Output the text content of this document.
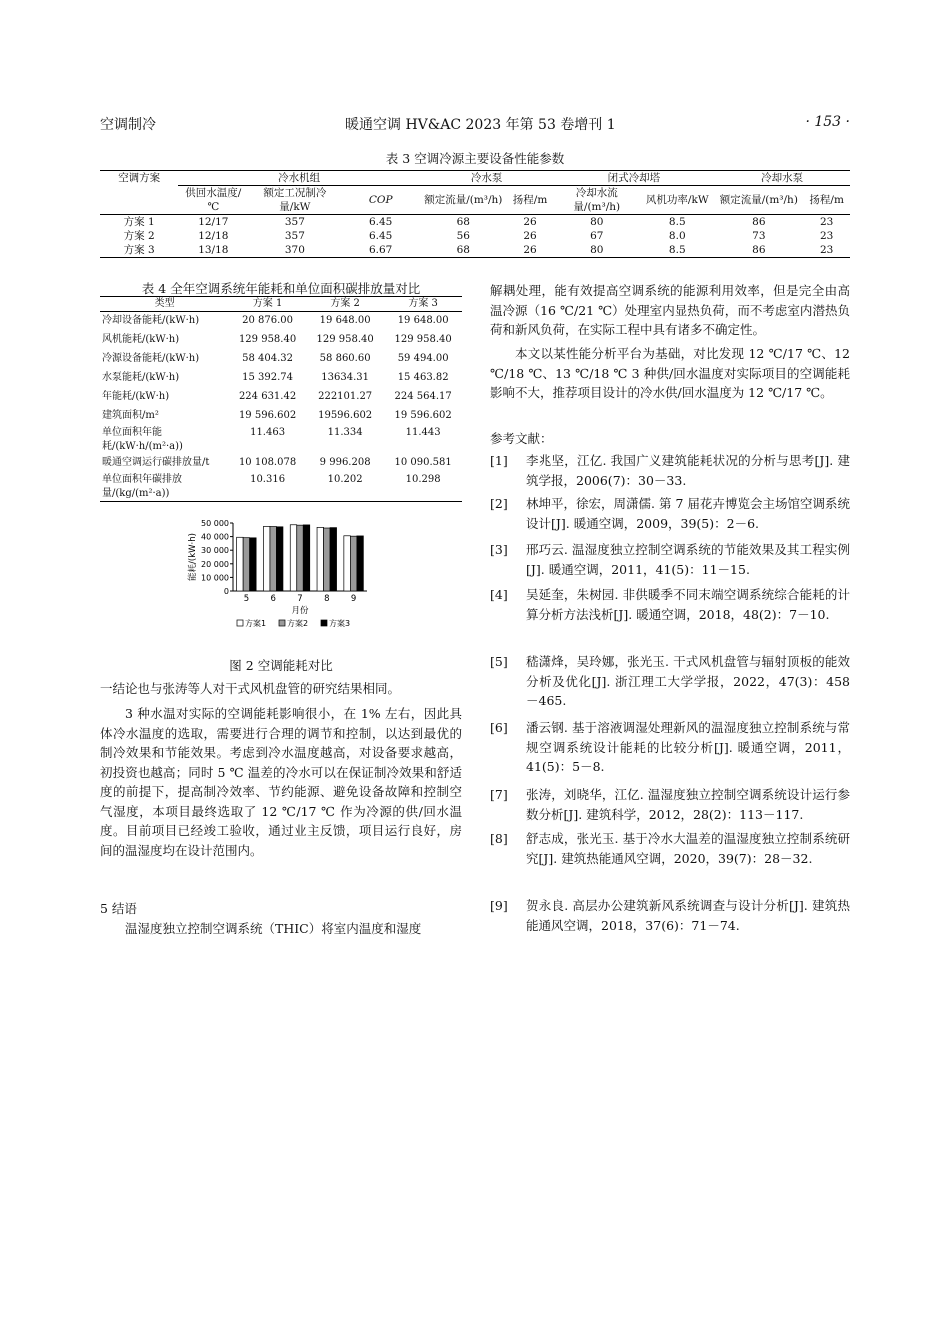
空调制冷	暖通空调 HV&AC 2023 年第 53 卷增刊 1	· 153 ·
表 3 空调冷源主要设备性能参数
空调方案	冷水机组			冷水泵		闭式冷却塔		冷却水泵	
	供回水温度/℃	额定工况制冷量/kW	COP	额定流量/(m³/h)	扬程/m	冷却水流量/(m³/h)	风机功率/kW	额定流量/(m³/h)	扬程/m
方案 1	12/17	357	6.45	68	26	80	8.5	86	23
方案 2	12/18	357	6.45	56	26	67	8.0	73	23
方案 3	13/18	370	6.67	68	26	80	8.5	86	23
表 4 全年空调系统年能耗和单位面积碳排放量对比
类型	方案 1	方案 2	方案 3
冷却设备能耗/(kW·h)	20 876.00	19 648.00	19 648.00
风机能耗/(kW·h)	129 958.40	129 958.40	129 958.40
冷源设备能耗/(kW·h)	58 404.32	58 860.60	59 494.00
水泵能耗/(kW·h)	15 392.74	13634.31	15 463.82
年能耗/(kW·h)	224 631.42	222101.27	224 564.17
建筑面积/m²	19 596.602	19596.602	19 596.602
单位面积年能耗/(kW·h/(m²·a))	11.463	11.334	11.443
暖通空调运行碳排放量/t	10 108.078	9 996.208	10 090.581
单位面积年碳排放量/(kg/(m²·a))	10.316	10.202	10.298
0
10 000
20 000
30 000
40 000
50 000
能耗/(kW·h)
5	6	7	8	9
月份
方案1	方案2	方案3
图 2 空调能耗对比
一结论也与张涛等人对干式风机盘管的研究结果相同。
3 种水温对实际的空调能耗影响很小，在 1% 左右，因此具体冷水温度的选取，需要进行合理的调节和控制，以达到最优的制冷效果和节能效果。考虑到冷水温度越高，对设备要求越高，初投资也越高；同时 5 ℃ 温差的冷水可以在保证制冷效果和舒适度的前提下，提高制冷效率、节约能源、避免设备故障和控制空气湿度，本项目最终选取了 12 ℃/17 ℃ 作为冷源的供/回水温度。目前项目已经竣工验收，通过业主反馈，项目运行良好，房间的温湿度均在设计范围内。
5 结语
温湿度独立控制空调系统（THIC）将室内温度和湿度
解耦处理，能有效提高空调系统的能源利用效率，但是完全由高温冷源（16 ℃/21 ℃）处理室内显热负荷，而不考虑室内潜热负荷和新风负荷，在实际工程中具有诸多不确定性。
本文以某性能分析平台为基础，对比发现 12 ℃/17 ℃、12 ℃/18 ℃、13 ℃/18 ℃ 3 种供/回水温度对实际项目的空调能耗影响不大，推荐项目设计的冷水供/回水温度为 12 ℃/17 ℃。
参考文献：
[1] 李兆坚，江亿. 我国广义建筑能耗状况的分析与思考[J]. 建筑学报，2006(7)：30－33.
[2] 林坤平，徐宏，周潇儒. 第 7 届花卉博览会主场馆空调系统设计[J]. 暖通空调，2009，39(5)：2－6.
[3] 邢巧云. 温湿度独立控制空调系统的节能效果及其工程实例[J]. 暖通空调，2011，41(5)：11－15.
[4] 吴延奎，朱树园. 非供暖季不同末端空调系统综合能耗的计算分析方法浅析[J]. 暖通空调，2018，48(2)：7－10.
[5] 嵇潇烽，吴玲娜，张光玉. 干式风机盘管与辐射顶板的能效分析及优化[J]. 浙江理工大学学报，2022，47(3)：458－465.
[6] 潘云钢. 基于溶液调湿处理新风的温湿度独立控制系统与常规空调系统设计能耗的比较分析[J]. 暖通空调，2011，41(5)：5－8.
[7] 张涛，刘晓华，江亿. 温湿度独立控制空调系统设计运行参数分析[J]. 建筑科学，2012，28(2)：113－117.
[8] 舒志成，张光玉. 基于冷水大温差的温湿度独立控制系统研究[J]. 建筑热能通风空调，2020，39(7)：28－32.
[9] 贺永良. 高层办公建筑新风系统调查与设计分析[J]. 建筑热能通风空调，2018，37(6)：71－74.
